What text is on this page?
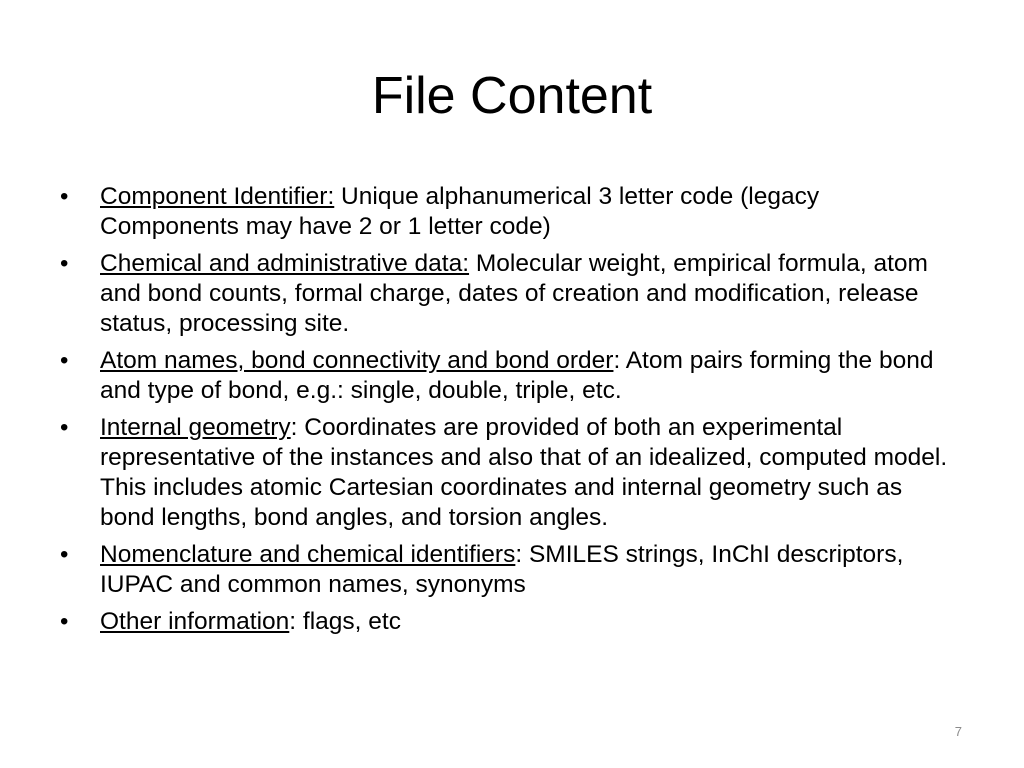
File Content
•	Component Identifier: Unique alphanumerical 3 letter code (legacy Components may have 2 or 1 letter code)
•	Chemical and administrative data: Molecular weight, empirical formula, atom and bond counts, formal charge, dates of creation and modification, release status, processing site.
•	Atom names, bond connectivity and bond order: Atom pairs forming the bond and type of bond, e.g.: single, double, triple, etc.
•	Internal geometry: Coordinates are provided of both an experimental representative of the instances and also that of an idealized, computed model. This includes atomic Cartesian coordinates and internal geometry such as bond lengths, bond angles, and torsion angles.
•	Nomenclature and chemical identifiers: SMILES strings, InChI descriptors, IUPAC and common names, synonyms
•	Other information: flags, etc
7
